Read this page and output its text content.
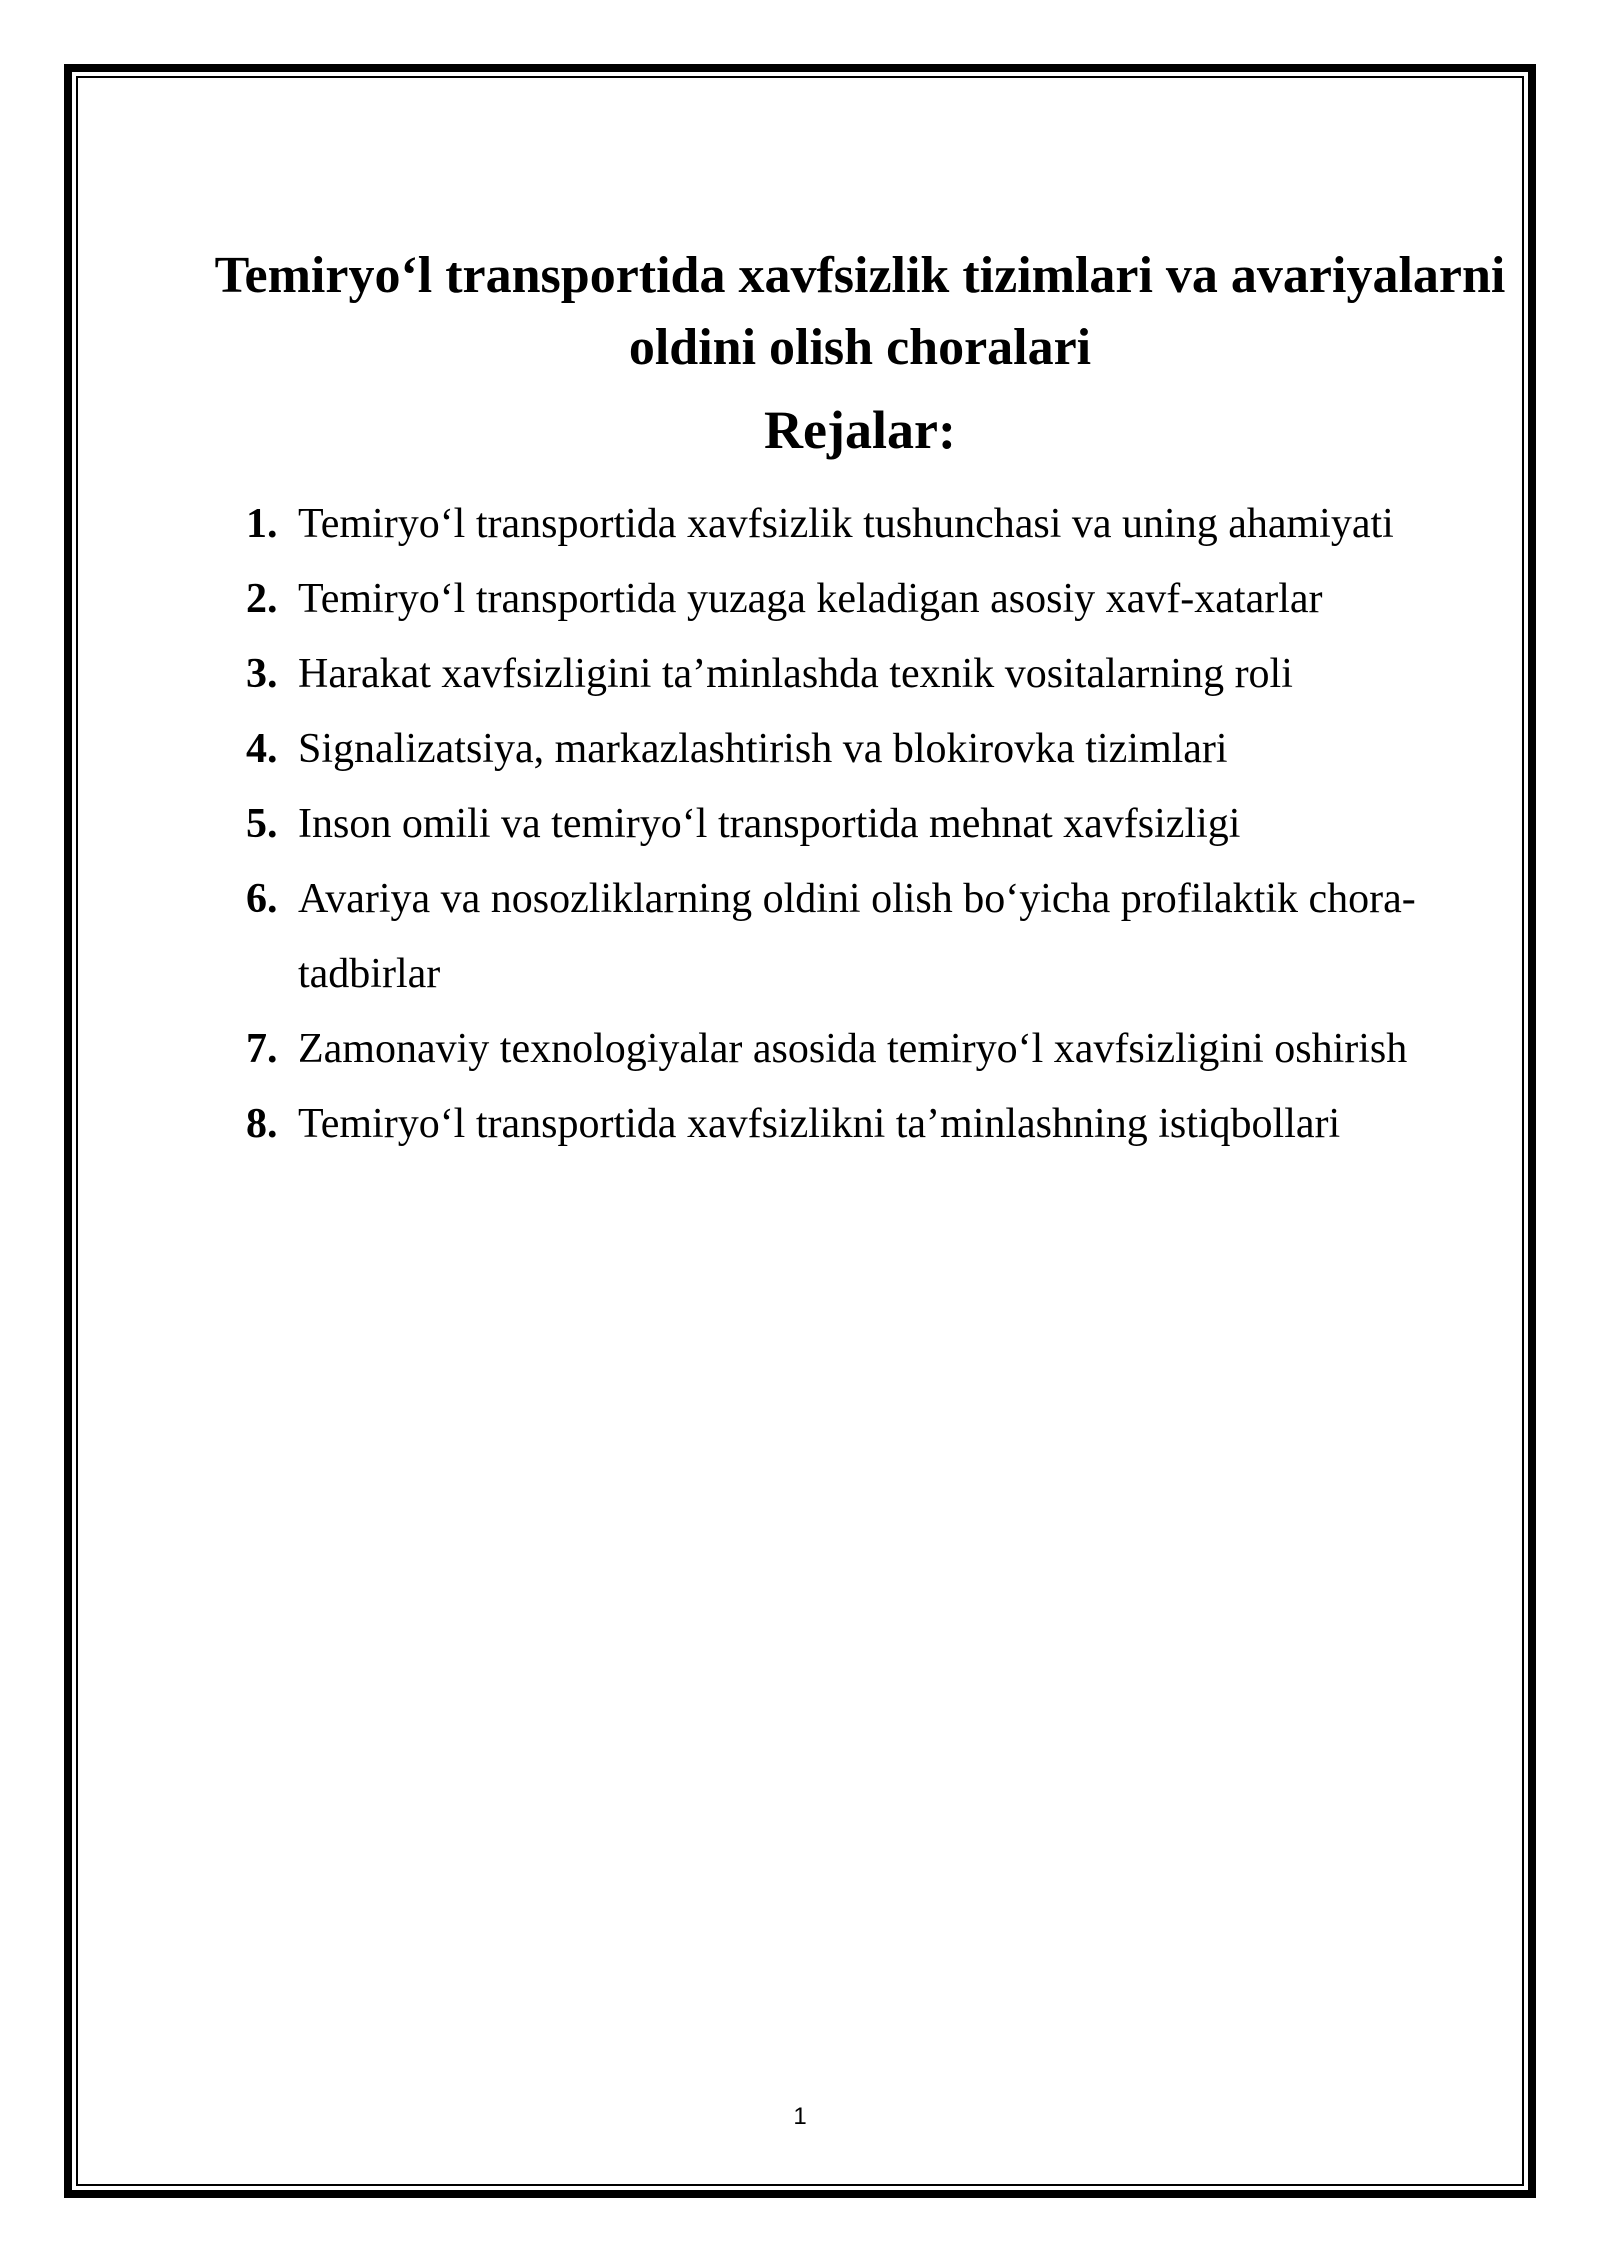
Temiryo‘l transportida xavfsizlik tizimlari va avariyalarni oldini olish choralari
Rejalar:
1. Temiryo‘l transportida xavfsizlik tushunchasi va uning ahamiyati
2. Temiryo‘l transportida yuzaga keladigan asosiy xavf-xatarlar
3. Harakat xavfsizligini ta’minlashda texnik vositalarning roli
4. Signalizatsiya, markazlashtirish va blokirovka tizimlari
5. Inson omili va temiryo‘l transportida mehnat xavfsizligi
6. Avariya va nosozliklarning oldini olish bo‘yicha profilaktik chora-tadbirlar
7. Zamonaviy texnologiyalar asosida temiryo‘l xavfsizligini oshirish
8. Temiryo‘l transportida xavfsizlikni ta’minlashning istiqbollari
1
